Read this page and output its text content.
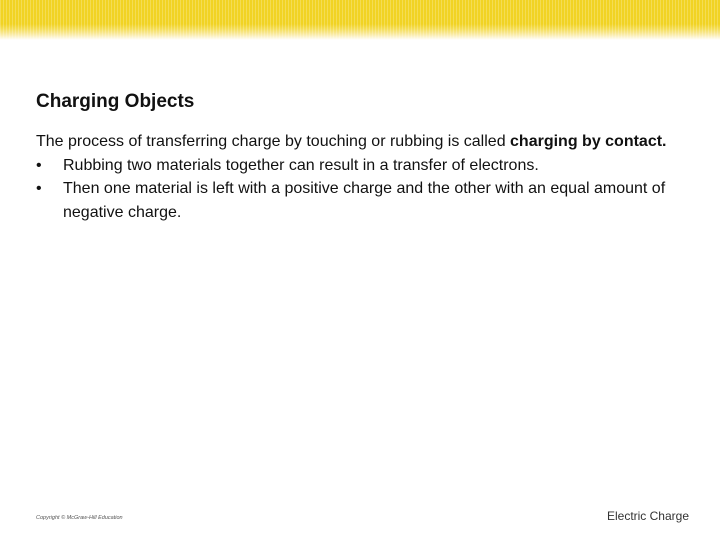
Charging Objects
The process of transferring charge by touching or rubbing is called charging by contact.
• Rubbing two materials together can result in a transfer of electrons.
• Then one material is left with a positive charge and the other with an equal amount of negative charge.
Copyright © McGraw-Hill Education	Electric Charge
